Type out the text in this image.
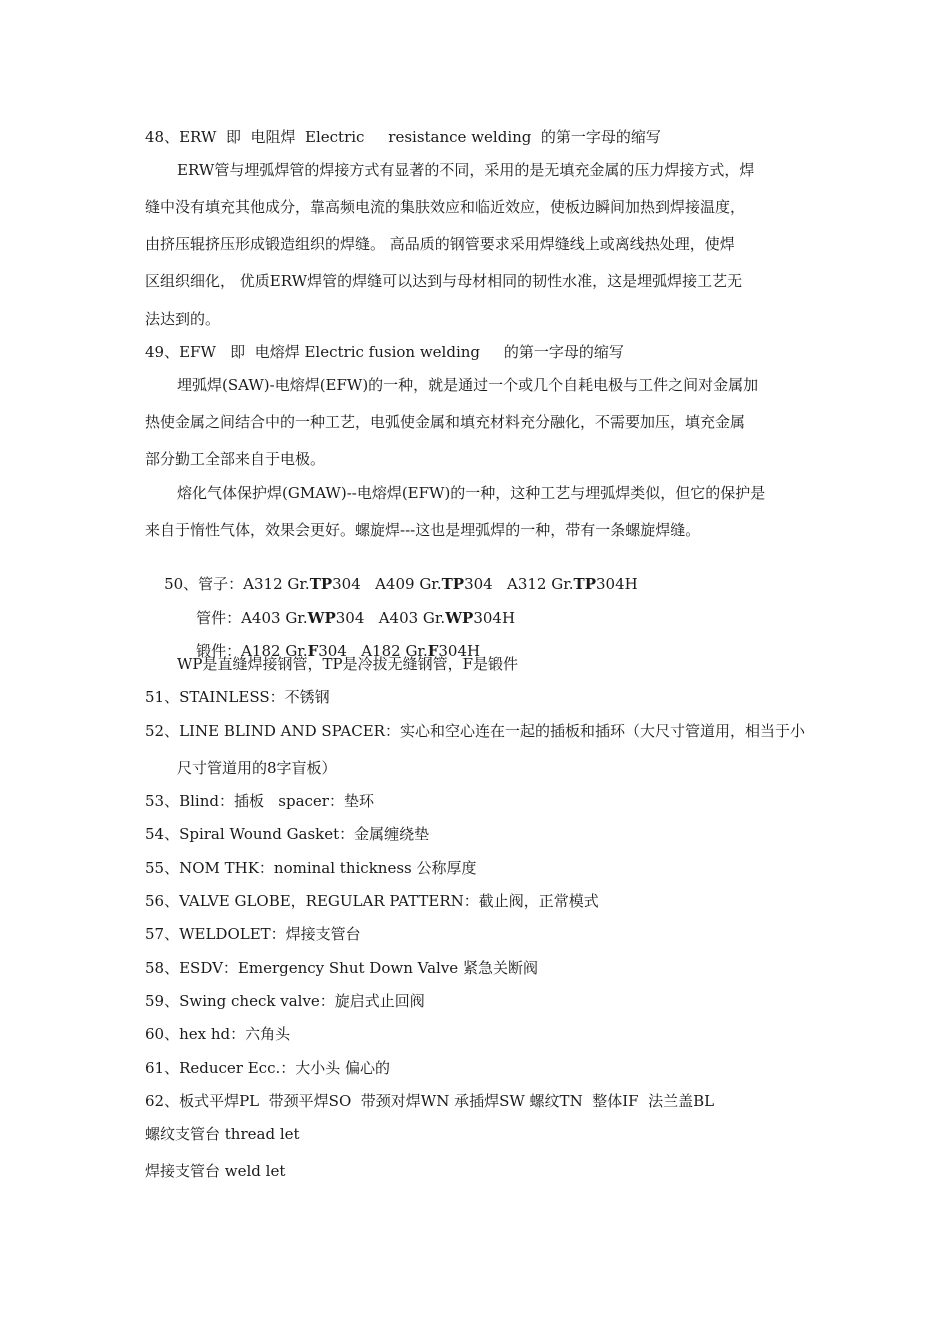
48、ERW  即  电阻焊  Electric     resistance welding  的第一字母的缩写
ERW管与埋弧焊管的焊接方式有显著的不同，采用的是无填充金属的压力焊接方式，焊
缝中没有填充其他成分，靠高频电流的集肤效应和临近效应，使板边瞬间加热到焊接温度，
由挤压辊挤压形成锻造组织的焊缝。 高品质的钢管要求采用焊缝线上或离线热处理，使焊
区组织细化， 优质ERW焊管的焊缝可以达到与母材相同的韧性水准，这是埋弧焊接工艺无
法达到的。
49、EFW   即  电熔焊 Electric fusion welding     的第一字母的缩写
埋弧焊(SAW)-电熔焊(EFW)的一种，就是通过一个或几个自耗电极与工件之间对金属加
热使金属之间结合中的一种工艺，电弧使金属和填充材料充分融化，不需要加压，填充金属
部分勤工全部来自于电极。
熔化气体保护焊(GMAW)--电熔焊(EFW)的一种，这种工艺与埋弧焊类似，但它的保护是
来自于惰性气体，效果会更好。螺旋焊---这也是埋弧焊的一种，带有一条螺旋焊缝。

50、管子：A312 Gr.TP304 A409 Gr.TP304 A312 Gr.TP304H

管件：A403 Gr.WP304 A403 Gr.WP304H

锻件：A182 Gr.F304 A182 Gr.F304H

WP是直缝焊接钢管，TP是冷拔无缝钢管，F是锻件
51、STAINLESS：不锈钢
52、LINE BLIND AND SPACER：实心和空心连在一起的插板和插环（大尺寸管道用，相当于小
尺寸管道用的8字盲板）
53、Blind：插板   spacer：垫环
54、Spiral Wound Gasket：金属缠绕垫
55、NOM THK：nominal thickness 公称厚度
56、VALVE GLOBE，REGULAR PATTERN：截止阀，正常模式
57、WELDOLET：焊接支管台
58、ESDV：Emergency Shut Down Valve 紧急关断阀
59、Swing check valve：旋启式止回阀
60、hex hd：六角头
61、Reducer Ecc.：大小头 偏心的
62、板式平焊PL  带颈平焊SO  带颈对焊WN 承插焊SW 螺纹TN  整体IF  法兰盖BL
螺纹支管台 thread let
焊接支管台 weld let
